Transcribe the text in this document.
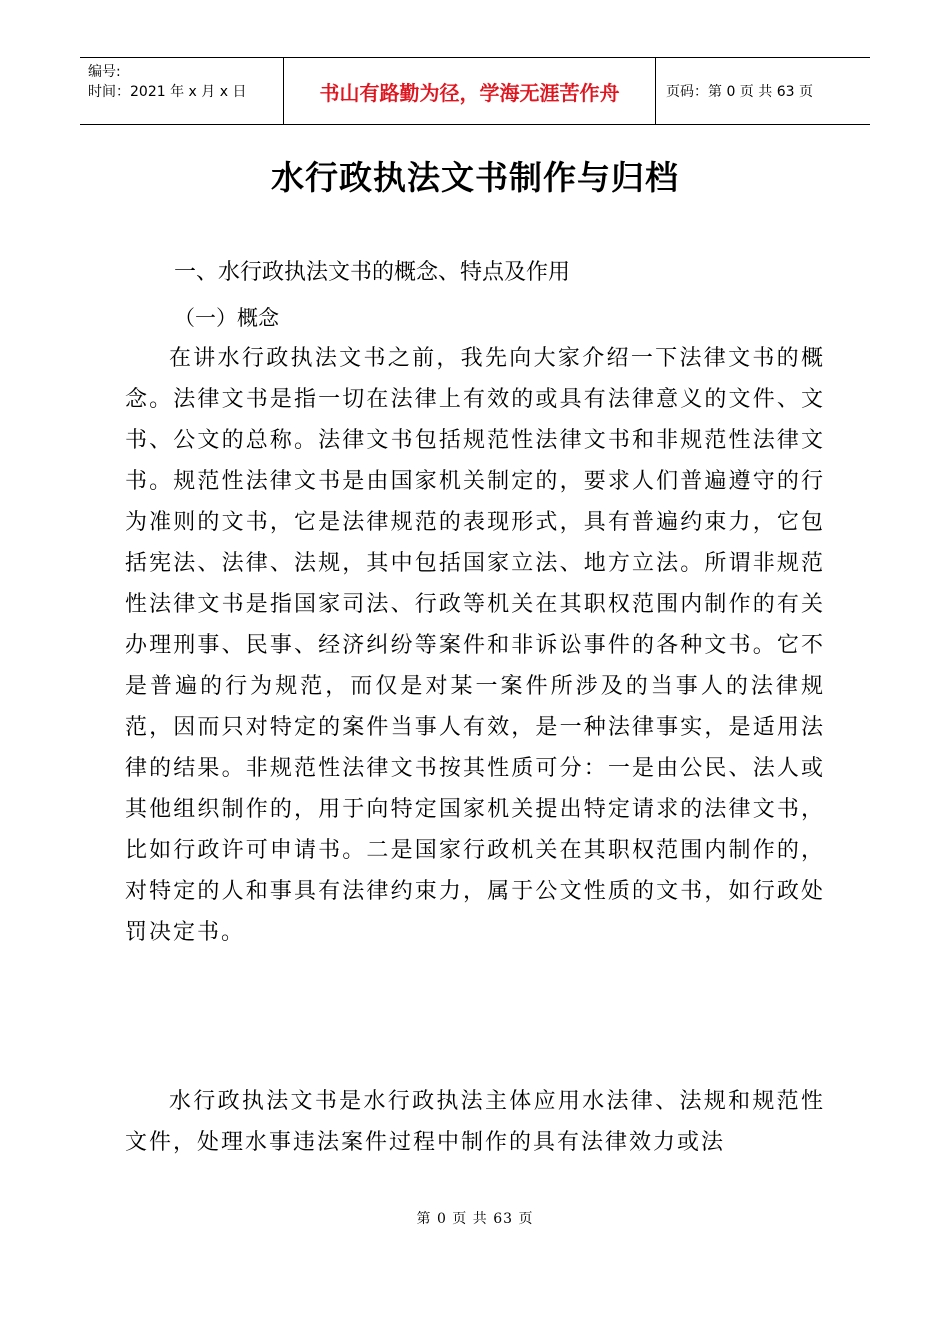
编号:
时间：2021 年 x 月 x 日	书山有路勤为径，学海无涯苦作舟	页码：第 0 页 共 63 页
水行政执法文书制作与归档
一、水行政执法文书的概念、特点及作用
（一）概念

在讲水行政执法文书之前，我先向大家介绍一下法律文书的概念。法律文书是指一切在法律上有效的或具有法律意义的文件、文书、公文的总称。法律文书包括规范性法律文书和非规范性法律文书。规范性法律文书是由国家机关制定的，要求人们普遍遵守的行为准则的文书，它是法律规范的表现形式，具有普遍约束力，它包括宪法、法律、法规，其中包括国家立法、地方立法。所谓非规范性法律文书是指国家司法、行政等机关在其职权范围内制作的有关办理刑事、民事、经济纠纷等案件和非诉讼事件的各种文书。它不是普遍的行为规范，而仅是对某一案件所涉及的当事人的法律规范，因而只对特定的案件当事人有效，是一种法律事实，是适用法律的结果。非规范性法律文书按其性质可分：一是由公民、法人或其他组织制作的，用于向特定国家机关提出特定请求的法律文书，比如行政许可申请书。二是国家行政机关在其职权范围内制作的，对特定的人和事具有法律约束力，属于公文性质的文书，如行政处罚决定书。

水行政执法文书是水行政执法主体应用水法律、法规和规范性文件，处理水事违法案件过程中制作的具有法律效力或法

第 0 页 共 63 页
